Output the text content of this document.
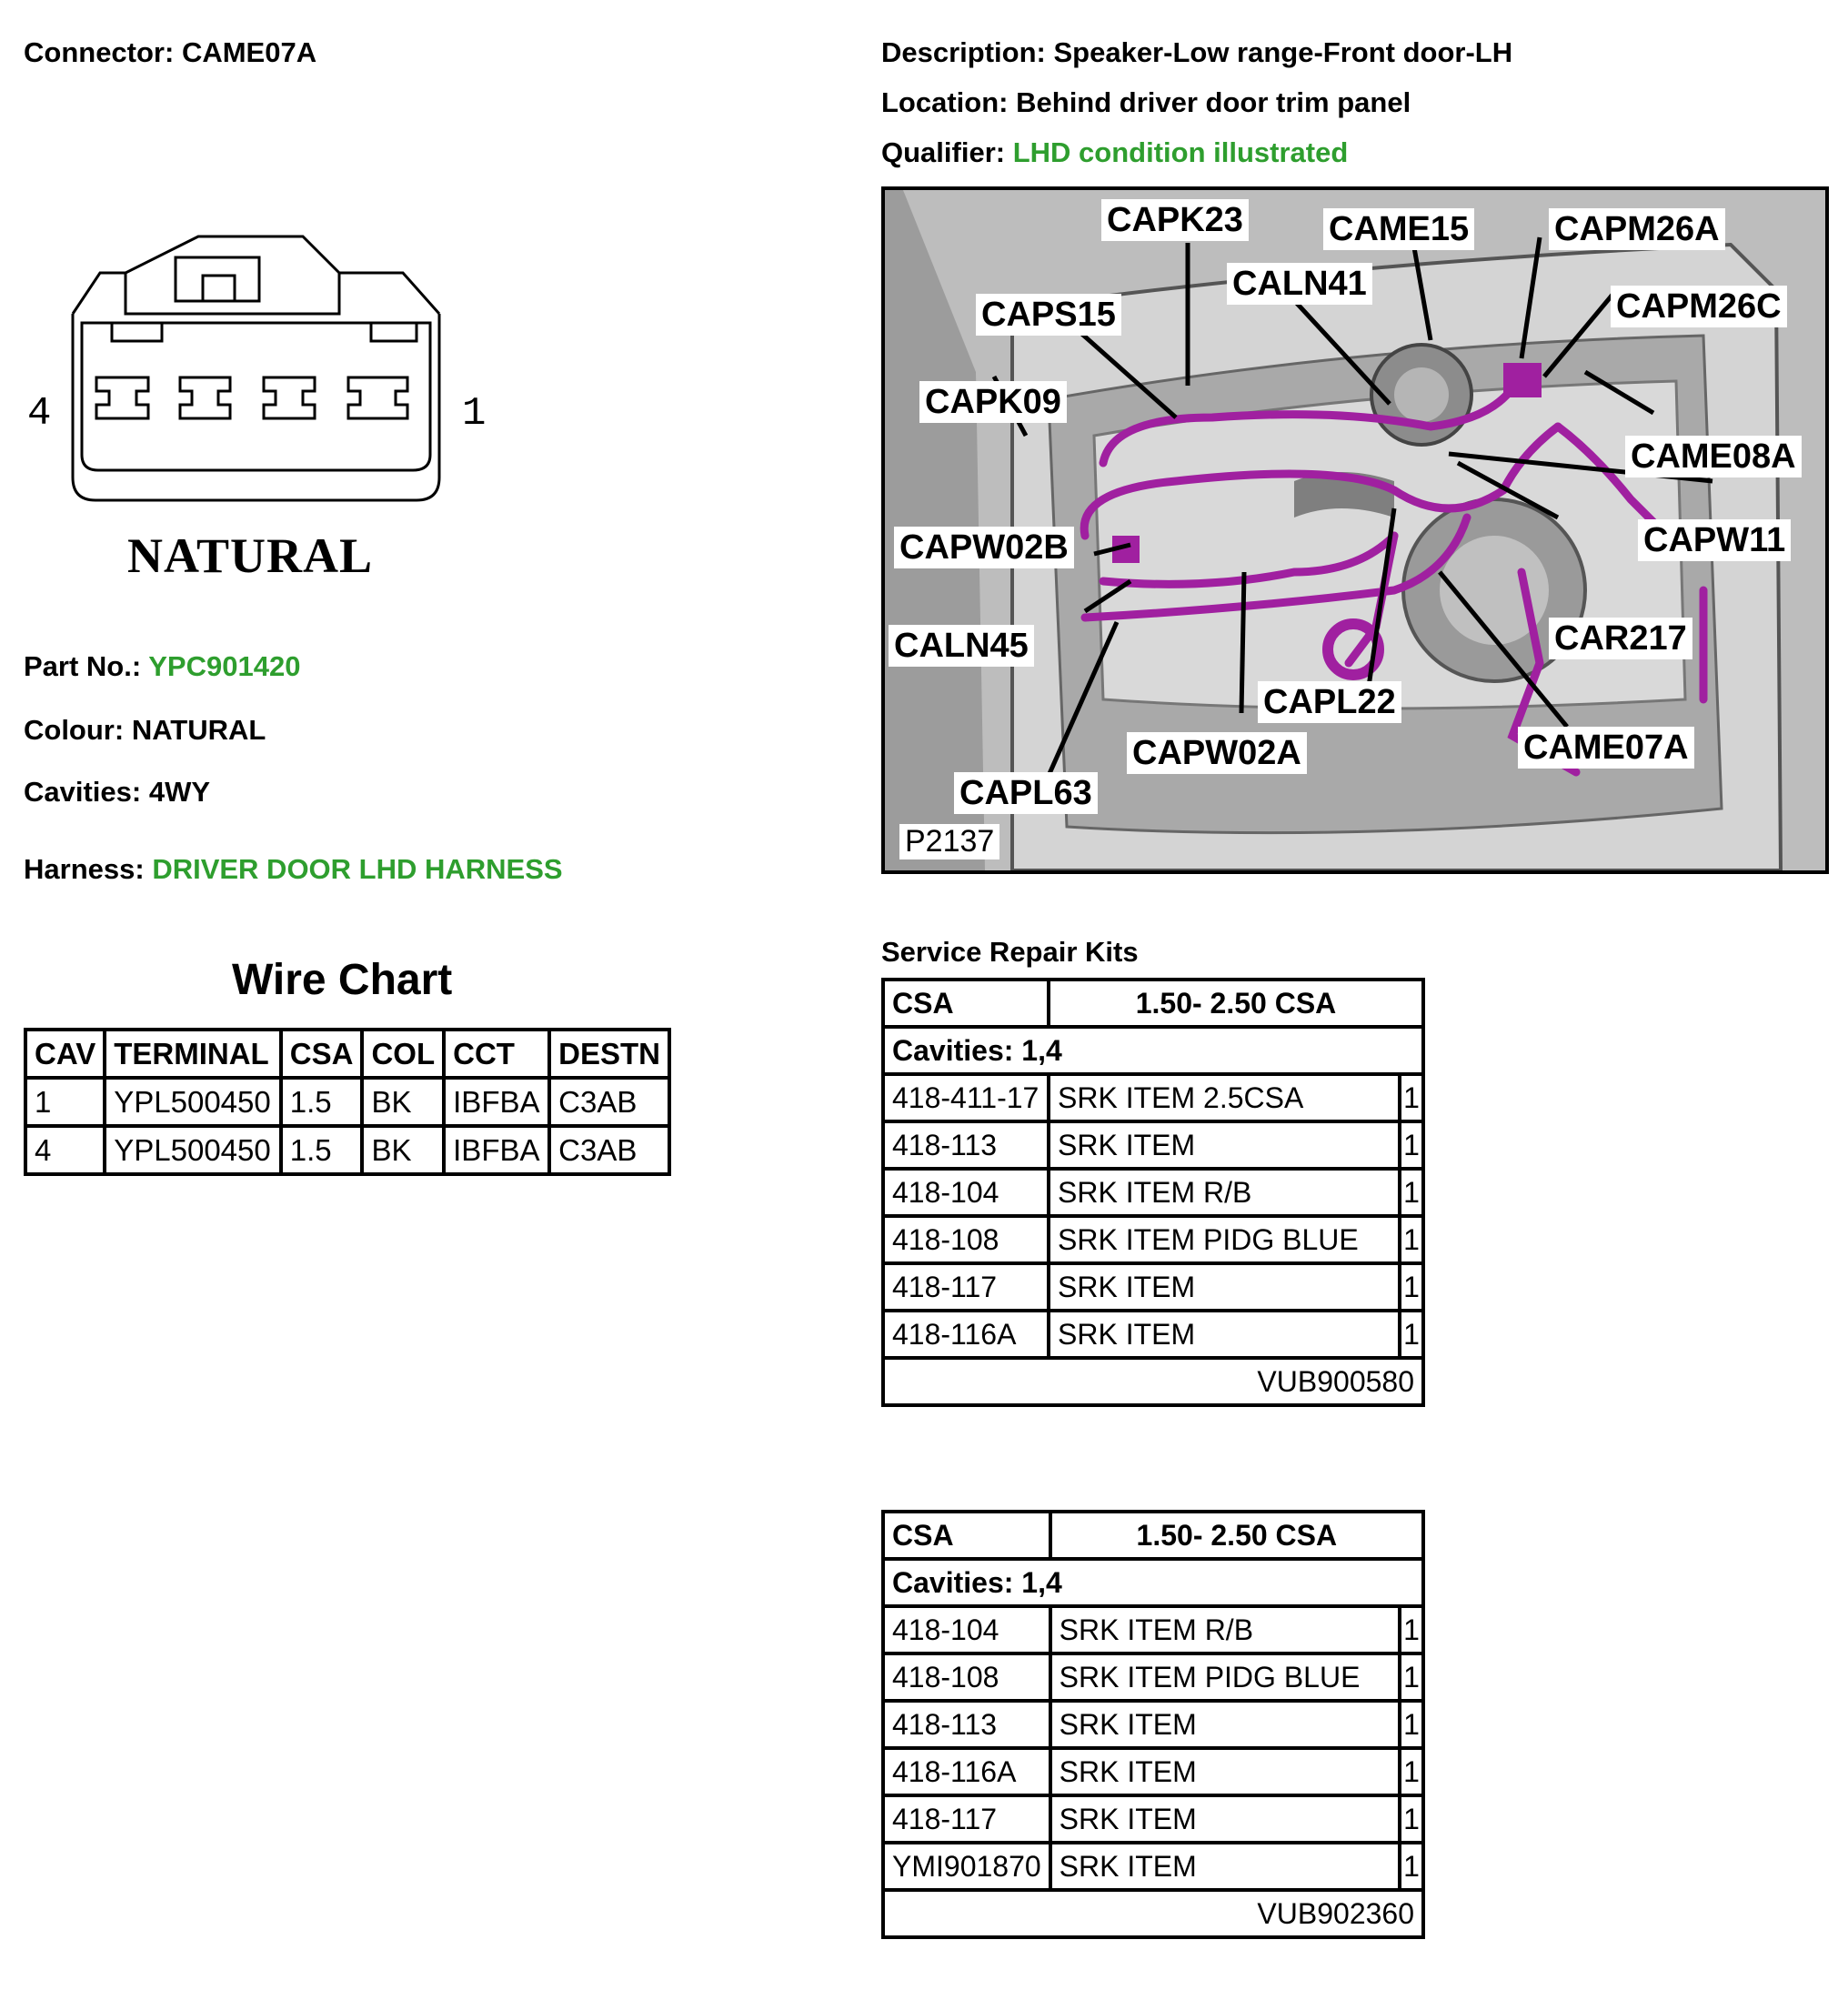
Connector: CAME07A	Description: Speaker-Low range-Front door-LH
Location: Behind driver door trim panel
Qualifier: LHD condition illustrated
4	1
NATURAL
Part No.: YPC901420
Colour: NATURAL
Cavities: 4WY
Harness: DRIVER DOOR LHD HARNESS
Wire Chart
CAV	TERMINAL	CSA	COL	CCT	DESTN
1	YPL500450	1.5	BK	IBFBA	C3AB
4	YPL500450	1.5	BK	IBFBA	C3AB
CAPK23 CAME15 CAPM26A
CALN41
CAPS15	CAPM26C
CAPK09
CAME08A
CAPW02B	CAPW11
CALN45	CAR217
CAPL22
CAPW02A	CAME07A
CAPL63
P2137
Service Repair Kits
CSA	1.50- 2.50 CSA	
Cavities: 1,4		
418-411-17	SRK ITEM 2.5CSA	1
418-113	SRK ITEM	1
418-104	SRK ITEM R/B	1
418-108	SRK ITEM PIDG BLUE	1
418-117	SRK ITEM	1
418-116A	SRK ITEM	1
VUB900580		
CSA	1.50- 2.50 CSA	
Cavities: 1,4		
418-104	SRK ITEM R/B	1
418-108	SRK ITEM PIDG BLUE	1
418-113	SRK ITEM	1
418-116A	SRK ITEM	1
418-117	SRK ITEM	1
YMI901870	SRK ITEM	1
VUB902360		
